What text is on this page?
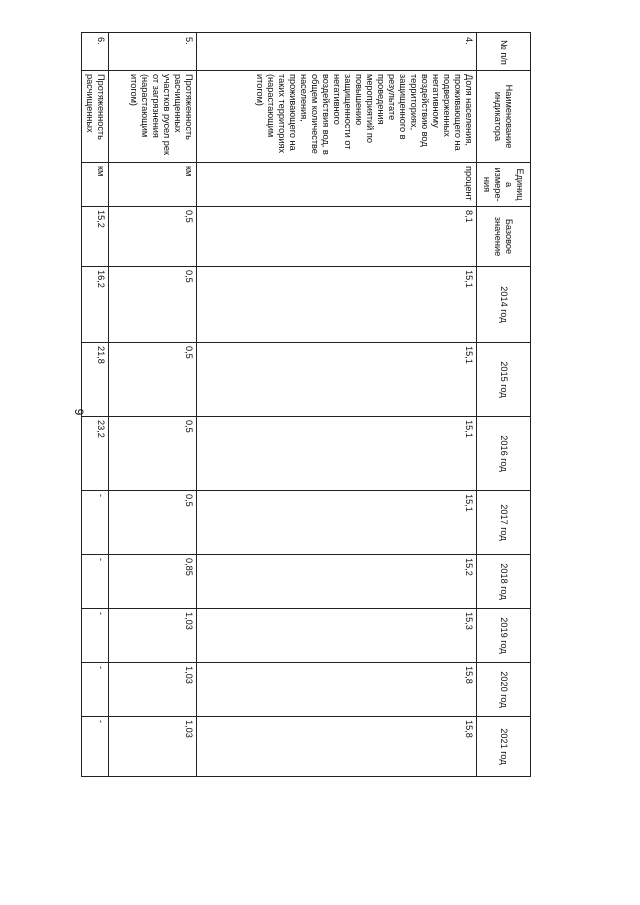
9
№ п/п	Наименование индикатора	Единица измере-ния	Базовое значение	2014 год	2015 год	2016 год	2017 год	2018 год	2019 год	2020 год	2021 год
4.	Доля населения, проживающего на подверженных негативному воздействию вод территориях, защищенного в результате проведения мероприятий по повышению защищенности от негативного воздействия вод, в общем количестве населения, проживающего на таких территориях (нарастающим итогом)	процент	8,1	15,1	15,1	15,1	15,1	15,2	15,3	15,8	15,8
5.	Протяженность расчищенных участков русел рек от загрязнения (нарастающим итогом)	км	0,5	0,5	0,5	0,5	0,5	0,85	1,03	1,03	1,03
6.	Протяженность расчищенных	км	15,2	16,2	21,8	23,2	-	-	-	-	-
